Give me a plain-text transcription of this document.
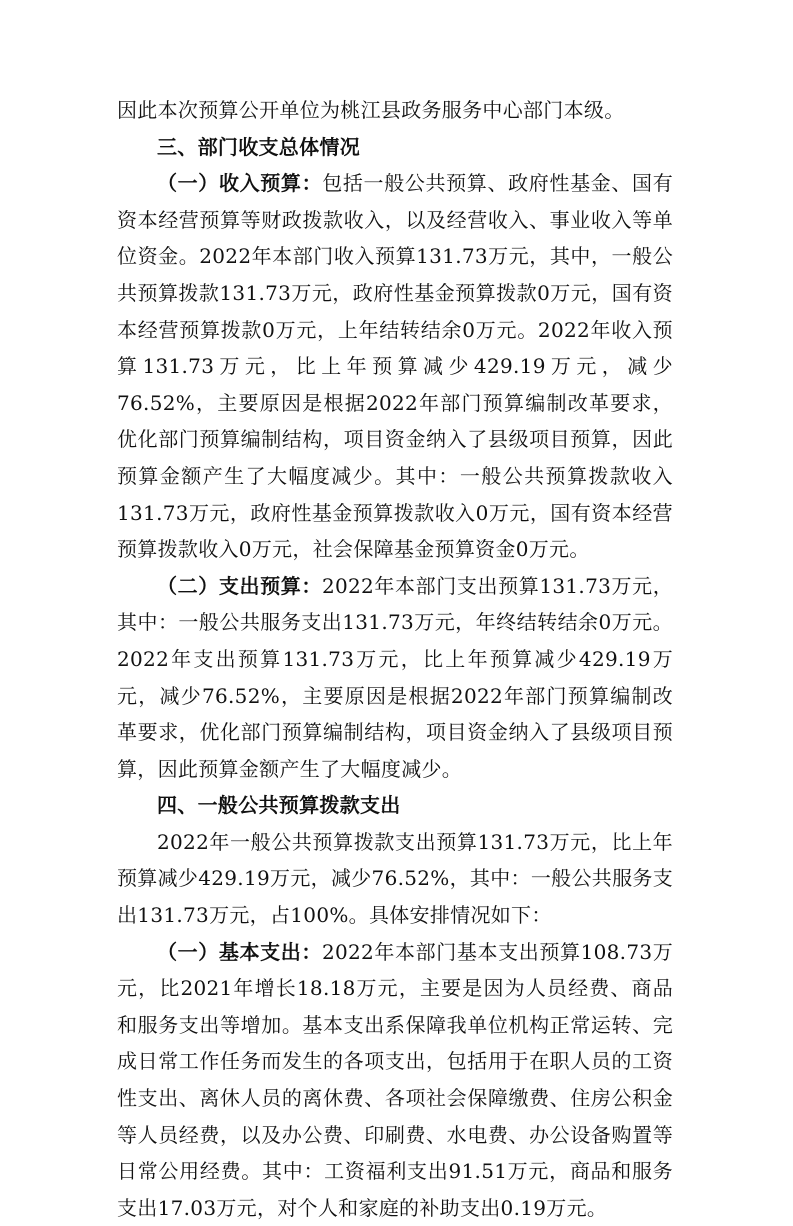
因此本次预算公开单位为桃江县政务服务中心部门本级。

三、部门收支总体情况

（一）收入预算：包括一般公共预算、政府性基金、国有资本经营预算等财政拨款收入，以及经营收入、事业收入等单位资金。2022年本部门收入预算131.73万元，其中，一般公共预算拨款131.73万元，政府性基金预算拨款0万元，国有资本经营预算拨款0万元，上年结转结余0万元。2022年收入预算131.73万元，比上年预算减少429.19万元，减少76.52%，主要原因是根据2022年部门预算编制改革要求，优化部门预算编制结构，项目资金纳入了县级项目预算，因此预算金额产生了大幅度减少。其中：一般公共预算拨款收入131.73万元，政府性基金预算拨款收入0万元，国有资本经营预算拨款收入0万元，社会保障基金预算资金0万元。

（二）支出预算：2022年本部门支出预算131.73万元，其中：一般公共服务支出131.73万元，年终结转结余0万元。2022年支出预算131.73万元，比上年预算减少429.19万元，减少76.52%，主要原因是根据2022年部门预算编制改革要求，优化部门预算编制结构，项目资金纳入了县级项目预算，因此预算金额产生了大幅度减少。

四、一般公共预算拨款支出

2022年一般公共预算拨款支出预算131.73万元，比上年预算减少429.19万元，减少76.52%，其中：一般公共服务支出131.73万元，占100%。具体安排情况如下：

（一）基本支出：2022年本部门基本支出预算108.73万元，比2021年增长18.18万元，主要是因为人员经费、商品和服务支出等增加。基本支出系保障我单位机构正常运转、完成日常工作任务而发生的各项支出，包括用于在职人员的工资性支出、离休人员的离休费、各项社会保障缴费、住房公积金等人员经费，以及办公费、印刷费、水电费、办公设备购置等日常公用经费。其中：工资福利支出91.51万元，商品和服务支出17.03万元，对个人和家庭的补助支出0.19万元。
